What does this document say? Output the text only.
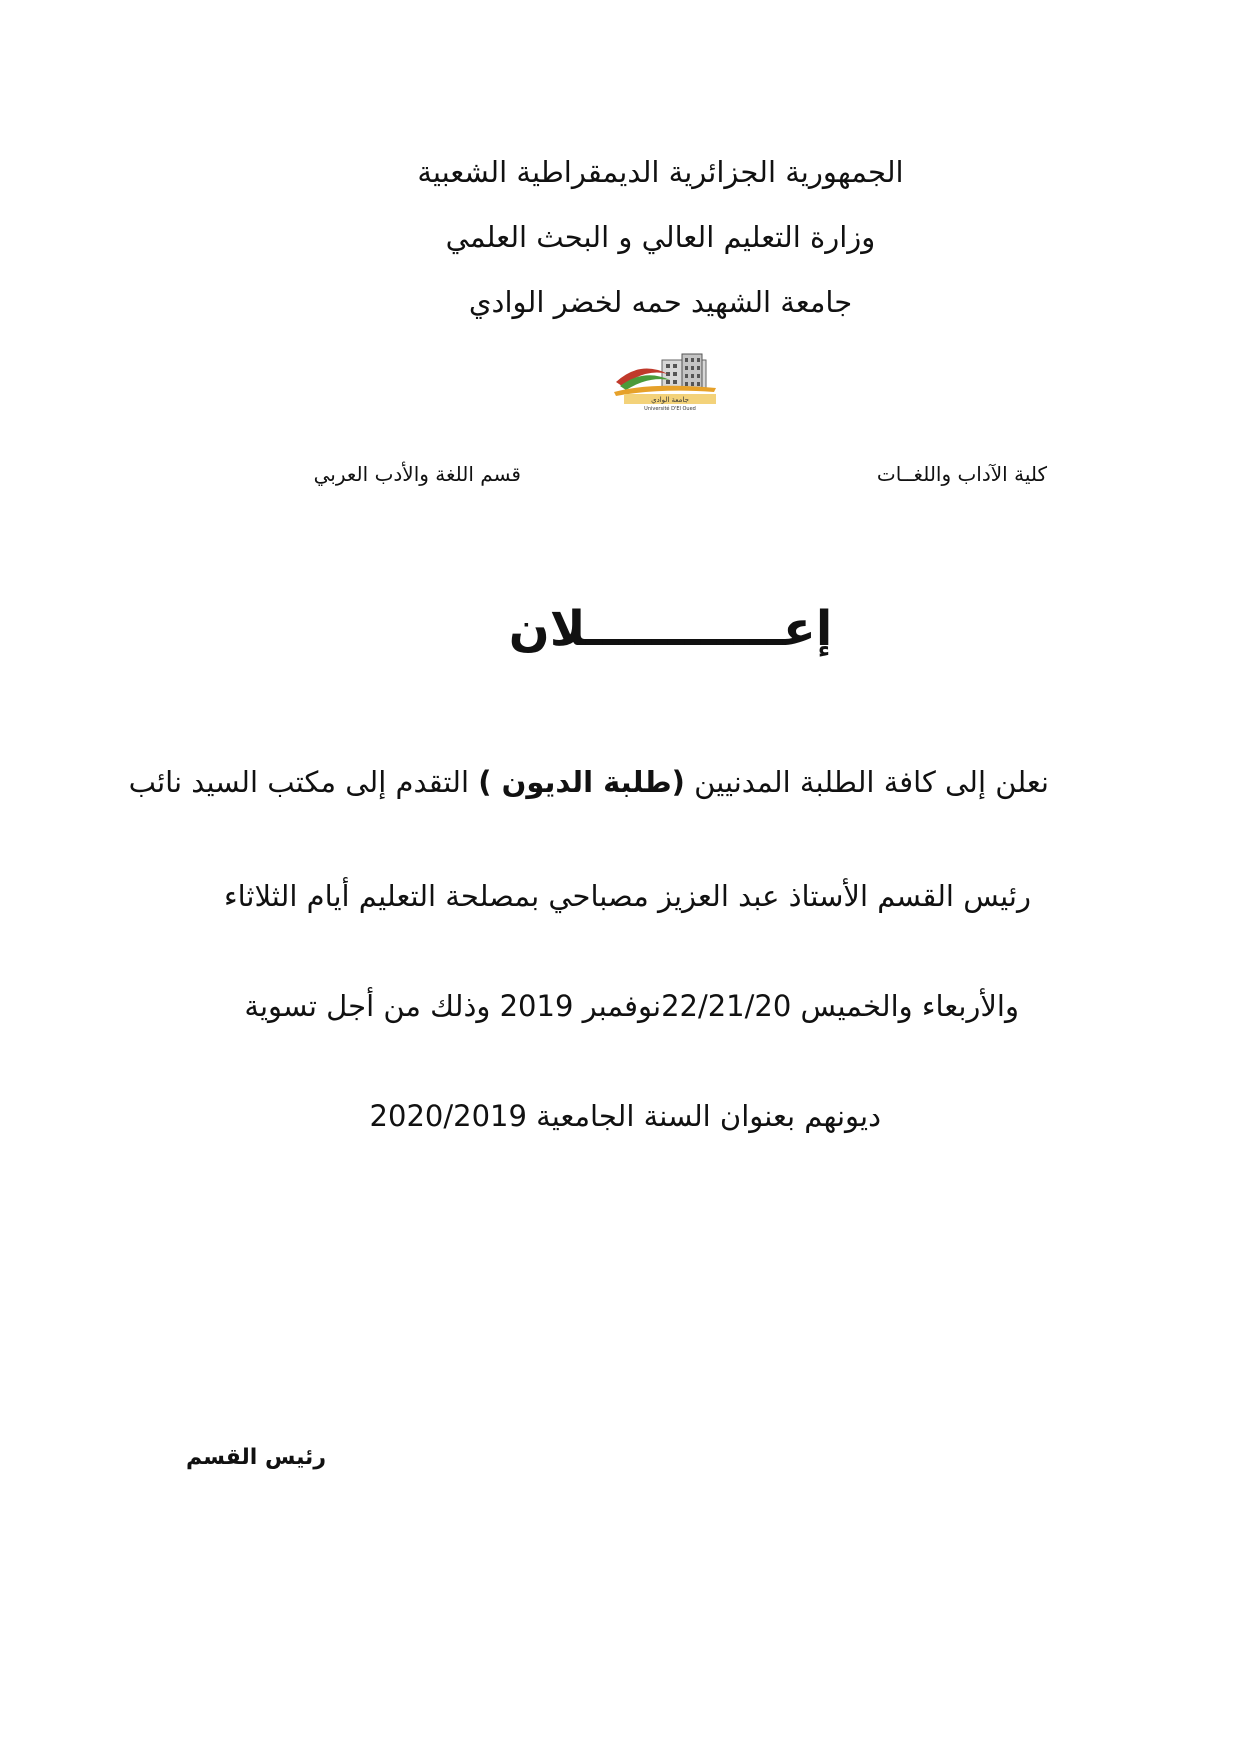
الجمهورية الجزائرية الديمقراطية الشعبية
وزارة التعليم العالي و البحث العلمي
جامعة الشهيد حمه لخضر الوادي
جامعة الوادي
Université D'El Oued
كلية الآداب واللغــات
قسم اللغة والأدب العربي
إعــــــــــــلان
نعلن إلى كافة الطلبة المدنيين (طلبة الديون ) التقدم إلى مكتب السيد نائب
رئيس القسم الأستاذ عبد العزيز مصباحي بمصلحة التعليم أيام الثلاثاء
والأربعاء والخميس 22/21/20نوفمبر 2019 وذلك من أجل تسوية
ديونهم بعنوان السنة الجامعية 2020/2019
رئيس القسم
